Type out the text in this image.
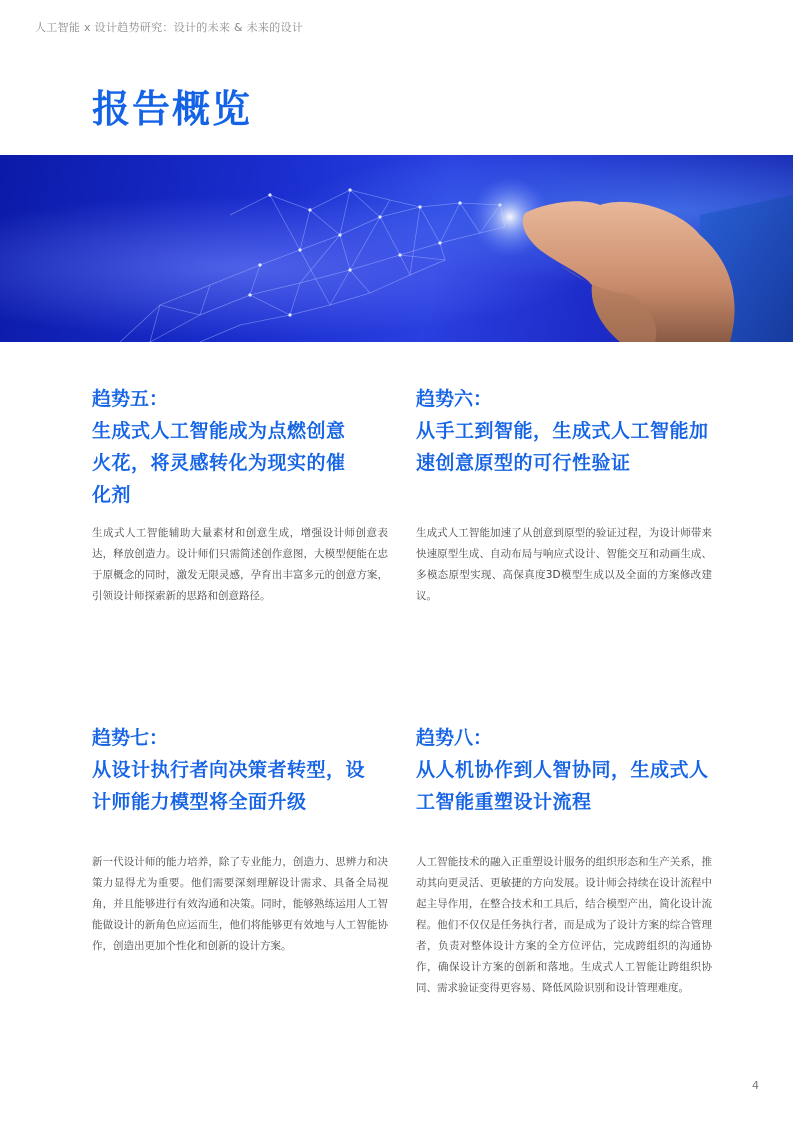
人工智能 x 设计趋势研究：设计的未来 & 未来的设计
报告概览

趋势五：

生成式人工智能成为点燃创意火花，将灵感转化为现实的催化剂

生成式人工智能辅助大量素材和创意生成，增强设计师创意表达，释放创造力。设计师们只需简述创作意图，大模型便能在忠于原概念的同时，激发无限灵感，孕育出丰富多元的创意方案，引领设计师探索新的思路和创意路径。

趋势六：

从手工到智能，生成式人工智能加速创意原型的可行性验证

生成式人工智能加速了从创意到原型的验证过程，为设计师带来快速原型生成、自动布局与响应式设计、智能交互和动画生成、多模态原型实现、高保真度3D模型生成以及全面的方案修改建议。

趋势七：

从设计执行者向决策者转型，设计师能力模型将全面升级

新一代设计师的能力培养，除了专业能力，创造力、思辨力和决策力显得尤为重要。他们需要深刻理解设计需求、具备全局视角，并且能够进行有效沟通和决策。同时，能够熟练运用人工智能做设计的新角色应运而生，他们将能够更有效地与人工智能协作，创造出更加个性化和创新的设计方案。

趋势八：

从人机协作到人智协同，生成式人工智能重塑设计流程

人工智能技术的融入正重塑设计服务的组织形态和生产关系，推动其向更灵活、更敏捷的方向发展。设计师会持续在设计流程中起主导作用，在整合技术和工具后，结合模型产出，简化设计流程。他们不仅仅是任务执行者，而是成为了设计方案的综合管理者，负责对整体设计方案的全方位评估，完成跨组织的沟通协作，确保设计方案的创新和落地。生成式人工智能让跨组织协同、需求验证变得更容易、降低风险识别和设计管理难度。

4
